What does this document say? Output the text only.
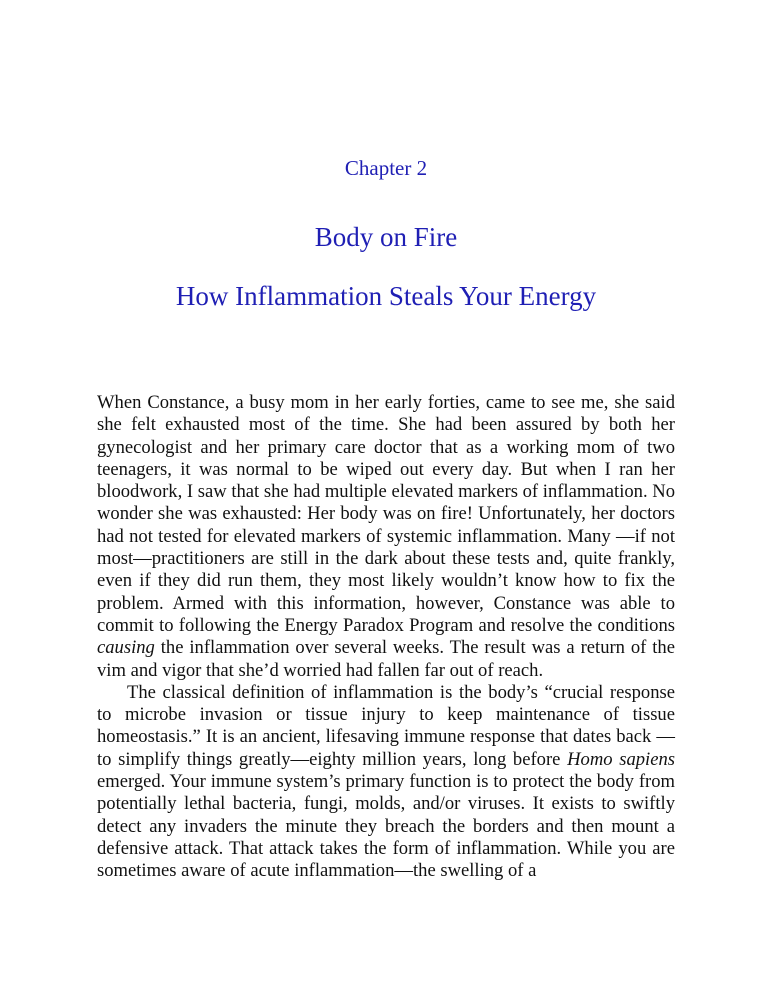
Chapter 2
Body on Fire
How Inflammation Steals Your Energy

When Constance, a busy mom in her early forties, came to see me, she said she felt exhausted most of the time. She had been assured by both her gynecologist and her primary care doctor that as a working mom of two teenagers, it was normal to be wiped out every day. But when I ran her bloodwork, I saw that she had multiple elevated markers of inflammation. No wonder she was exhausted: Her body was on fire! Unfortunately, her doctors had not tested for elevated markers of systemic inflammation. Many —if not most—practitioners are still in the dark about these tests and, quite frankly, even if they did run them, they most likely wouldn’t know how to fix the problem. Armed with this information, however, Constance was able to commit to following the Energy Paradox Program and resolve the conditions causing the inflammation over several weeks. The result was a return of the vim and vigor that she’d worried had fallen far out of reach.

The classical definition of inflammation is the body’s “crucial response to microbe invasion or tissue injury to keep maintenance of tissue homeostasis.” It is an ancient, lifesaving immune response that dates back —to simplify things greatly—eighty million years, long before Homo sapiens emerged. Your immune system’s primary function is to protect the body from potentially lethal bacteria, fungi, molds, and/or viruses. It exists to swiftly detect any invaders the minute they breach the borders and then mount a defensive attack. That attack takes the form of inflammation. While you are sometimes aware of acute inflammation—the swelling of a
